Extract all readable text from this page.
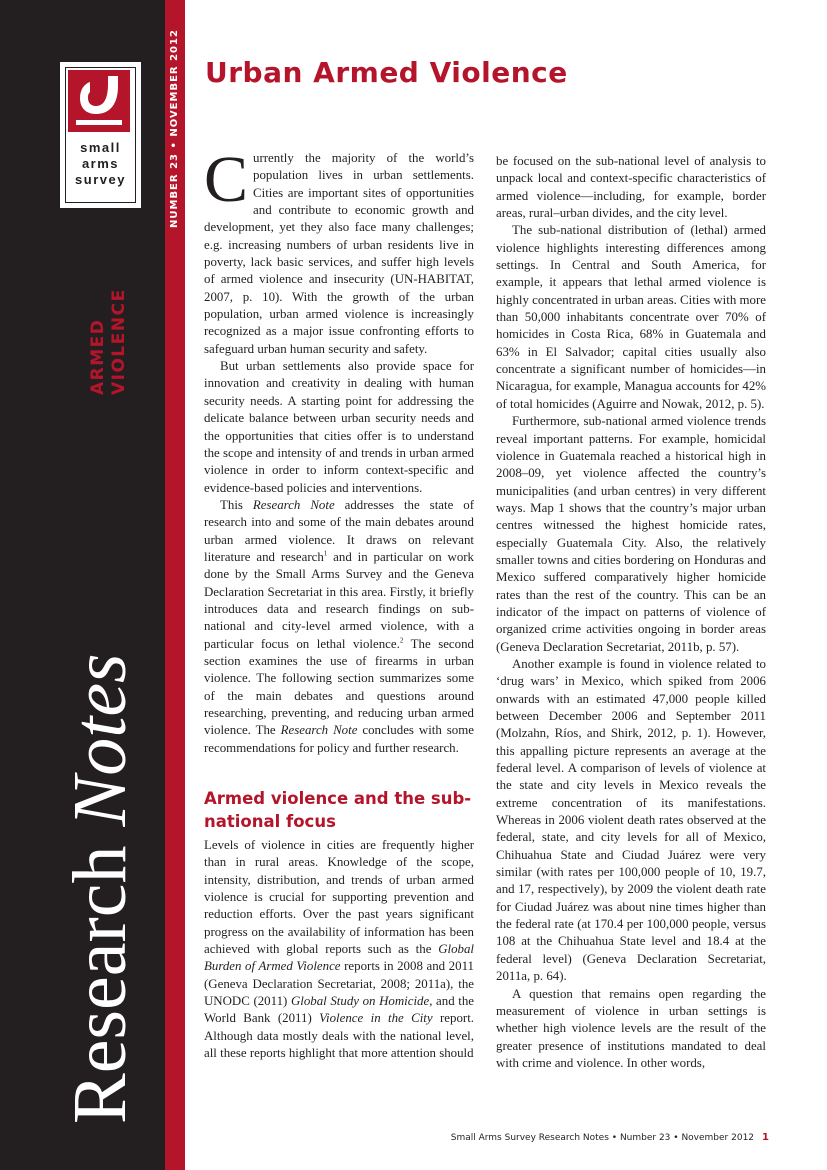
small
arms
survey	NUMBER 23 • NOVEMBER 2012
Research Notes
ARMED VIOLENCE
Urban Armed Violence

Currently the majority of the world’s population lives in urban settlements. Cities are important sites of opportunities and contribute to economic growth and development, yet they also face many challenges; e.g. increasing numbers of urban residents live in poverty, lack basic services, and suffer high levels of armed violence and insecurity (UN-HABITAT, 2007, p. 10). With the growth of the urban population, urban armed violence is increasingly recognized as a major issue confronting efforts to safeguard urban human security and safety.

But urban settlements also provide space for innovation and creativity in dealing with human security needs. A starting point for addressing the delicate balance between urban security needs and the opportunities that cities offer is to understand the scope and intensity of and trends in urban armed violence in order to inform context-specific and evidence-based policies and interventions.

This Research Note addresses the state of research into and some of the main debates around urban armed violence. It draws on relevant literature and research$^1$ and in particular on work done by the Small Arms Survey and the Geneva Declaration Secretariat in this area. Firstly, it briefly introduces data and research findings on sub-national and city-level armed violence, with a particular focus on lethal violence.$^2$ The second section examines the use of firearms in urban violence. The following section summarizes some of the main debates and questions around researching, preventing, and reducing urban armed violence. The Research Note concludes with some recommendations for policy and further research.

Armed violence and the sub-national focus

Levels of violence in cities are frequently higher than in rural areas. Knowledge of the scope, intensity, distribution, and trends of urban armed violence is crucial for supporting prevention and reduction efforts. Over the past years significant progress on the availability of information has been achieved with global reports such as the Global Burden of Armed Violence reports in 2008 and 2011 (Geneva Declaration Secretariat, 2008; 2011a), the UNODC (2011) Global Study on Homicide, and the World Bank (2011) Violence in the City report. Although data mostly deals with the national level, all these reports highlight that more attention should

be focused on the sub-national level of analysis to unpack local and context-specific characteristics of armed violence—including, for example, border areas, rural–urban divides, and the city level.

The sub-national distribution of (lethal) armed violence highlights interesting differences among settings. In Central and South America, for example, it appears that lethal armed violence is highly concentrated in urban areas. Cities with more than 50,000 inhabitants concentrate over 70% of homicides in Costa Rica, 68% in Guatemala and 63% in El Salvador; capital cities usually also concentrate a significant number of homicides—in Nicaragua, for example, Managua accounts for 42% of total homicides (Aguirre and Nowak, 2012, p. 5).

Furthermore, sub-national armed violence trends reveal important patterns. For example, homicidal violence in Guatemala reached a historical high in 2008–09, yet violence affected the country’s municipalities (and urban centres) in very different ways. Map 1 shows that the country’s major urban centres witnessed the highest homicide rates, especially Guatemala City. Also, the relatively smaller towns and cities bordering on Honduras and Mexico suffered comparatively higher homicide rates than the rest of the country. This can be an indicator of the impact on patterns of violence of organized crime activities ongoing in border areas (Geneva Declaration Secretariat, 2011b, p. 57).

Another example is found in violence related to ‘drug wars’ in Mexico, which spiked from 2006 onwards with an estimated 47,000 people killed between December 2006 and September 2011 (Molzahn, Ríos, and Shirk, 2012, p. 1). However, this appalling picture represents an average at the federal level. A comparison of levels of violence at the state and city levels in Mexico reveals the extreme concentration of its manifestations. Whereas in 2006 violent death rates observed at the federal, state, and city levels for all of Mexico, Chihuahua State and Ciudad Juárez were very similar (with rates per 100,000 people of 10, 19.7, and 17, respectively), by 2009 the violent death rate for Ciudad Juárez was about nine times higher than the federal rate (at 170.4 per 100,000 people, versus 108 at the Chihuahua State level and 18.4 at the federal level) (Geneva Declaration Secretariat, 2011a, p. 64).

A question that remains open regarding the measurement of violence in urban settings is whether high violence levels are the result of the greater presence of institutions mandated to deal with crime and violence. In other words,

Small Arms Survey Research Notes • Number 23 • November 2012 1
